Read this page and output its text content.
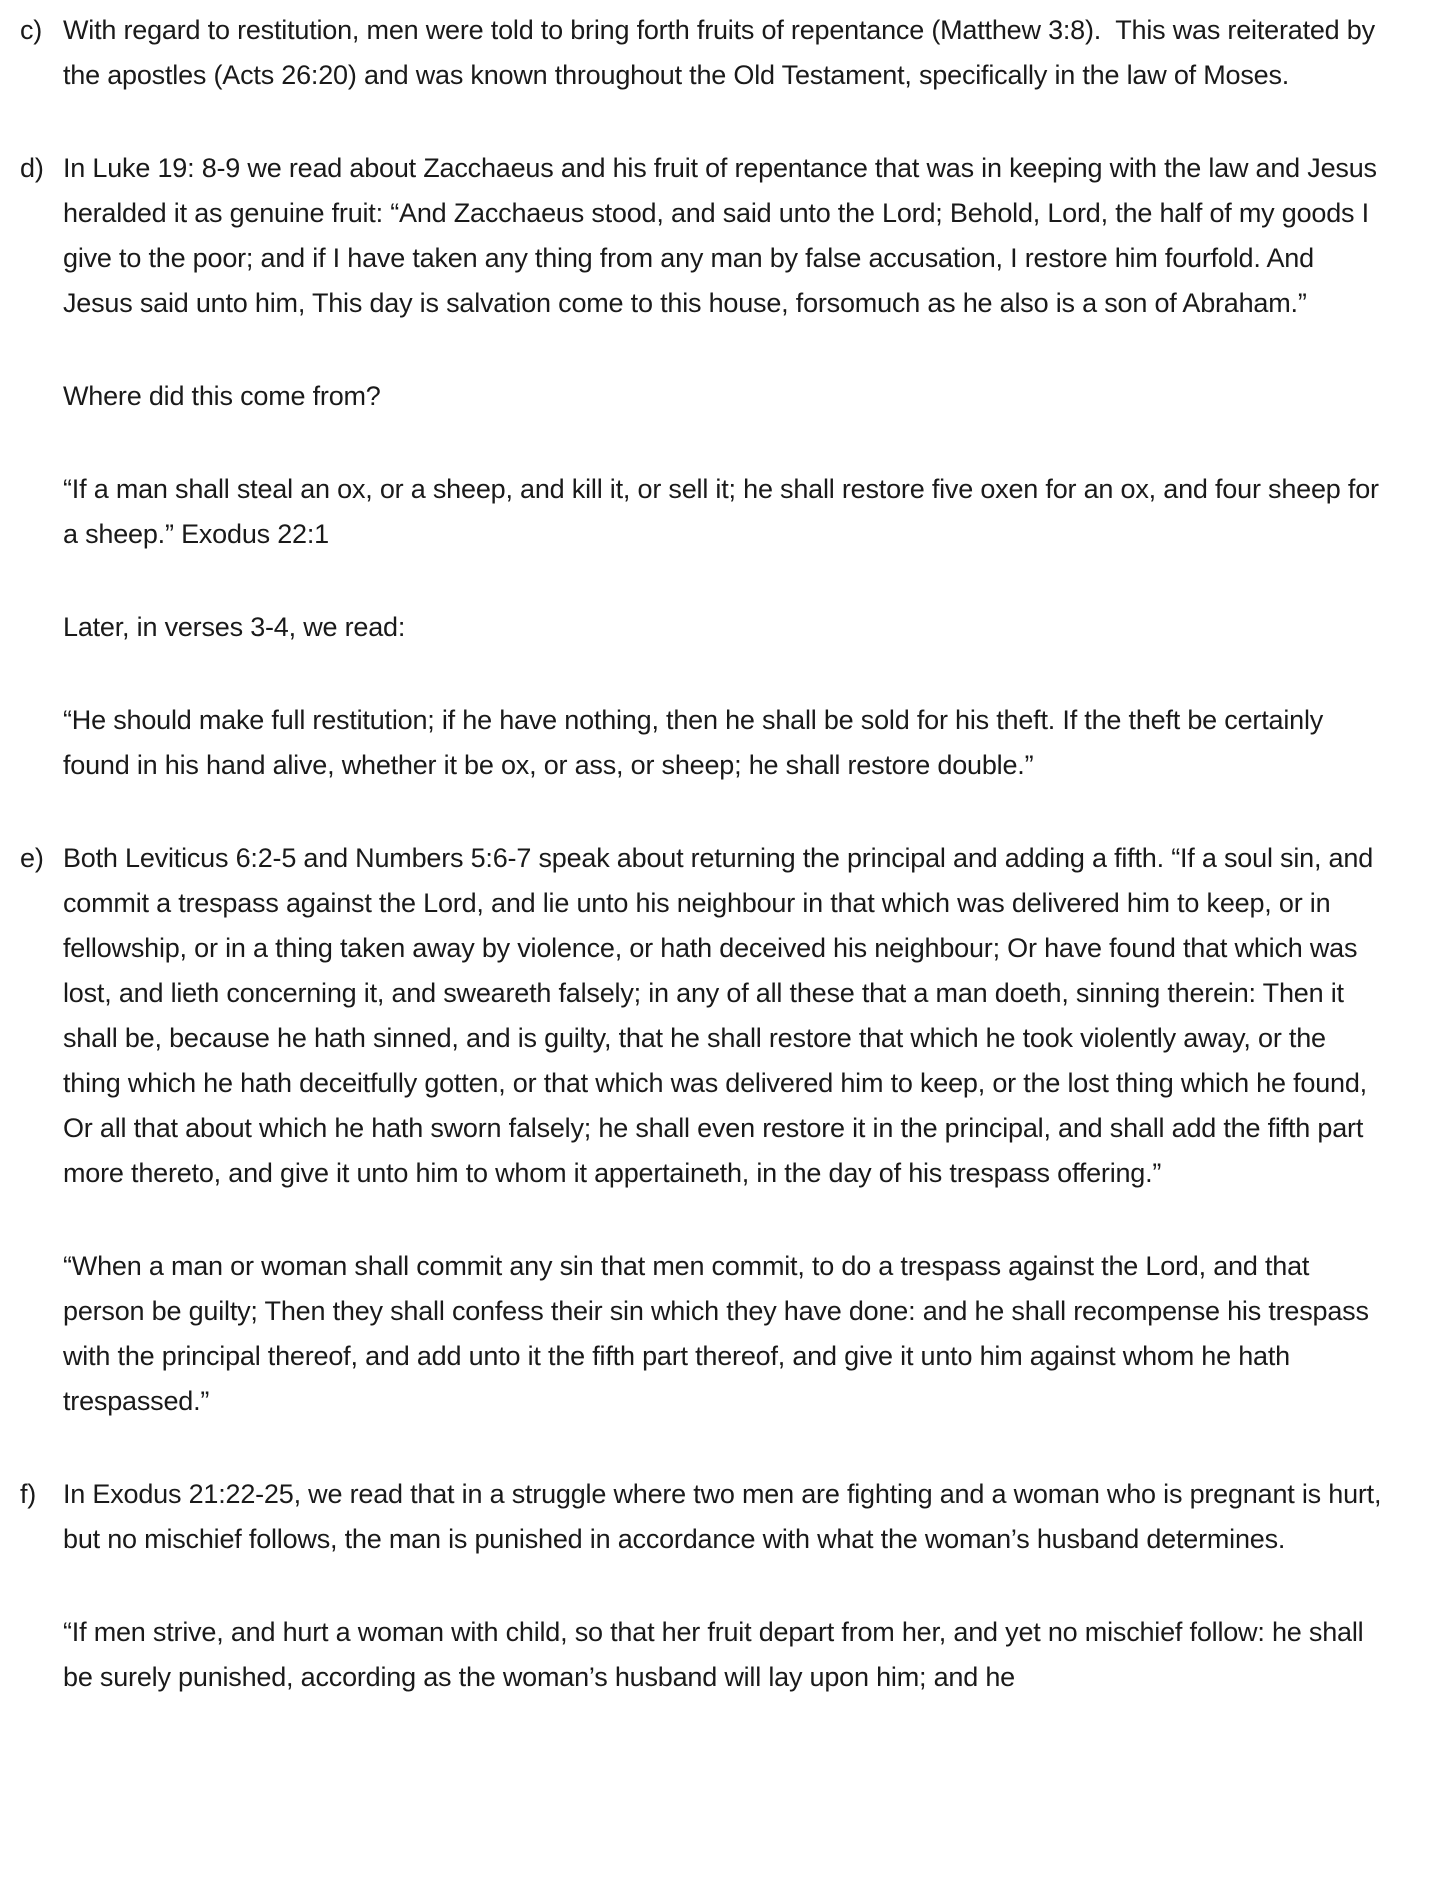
c) With regard to restitution, men were told to bring forth fruits of repentance (Matthew 3:8).  This was reiterated by the apostles (Acts 26:20) and was known throughout the Old Testament, specifically in the law of Moses.

d) In Luke 19: 8-9 we read about Zacchaeus and his fruit of repentance that was in keeping with the law and Jesus heralded it as genuine fruit: “And Zacchaeus stood, and said unto the Lord; Behold, Lord, the half of my goods I give to the poor; and if I have taken any thing from any man by false accusation, I restore him fourfold. And Jesus said unto him, This day is salvation come to this house, forsomuch as he also is a son of Abraham.”

Where did this come from?

“If a man shall steal an ox, or a sheep, and kill it, or sell it; he shall restore five oxen for an ox, and four sheep for a sheep.” Exodus 22:1

Later, in verses 3-4, we read:

“He should make full restitution; if he have nothing, then he shall be sold for his theft. If the theft be certainly found in his hand alive, whether it be ox, or ass, or sheep; he shall restore double.”

e) Both Leviticus 6:2-5 and Numbers 5:6-7 speak about returning the principal and adding a fifth. “If a soul sin, and commit a trespass against the Lord, and lie unto his neighbour in that which was delivered him to keep, or in fellowship, or in a thing taken away by violence, or hath deceived his neighbour; Or have found that which was lost, and lieth concerning it, and sweareth falsely; in any of all these that a man doeth, sinning therein: Then it shall be, because he hath sinned, and is guilty, that he shall restore that which he took violently away, or the thing which he hath deceitfully gotten, or that which was delivered him to keep, or the lost thing which he found, Or all that about which he hath sworn falsely; he shall even restore it in the principal, and shall add the fifth part more thereto, and give it unto him to whom it appertaineth, in the day of his trespass offering.”

“When a man or woman shall commit any sin that men commit, to do a trespass against the Lord, and that person be guilty; Then they shall confess their sin which they have done: and he shall recompense his trespass with the principal thereof, and add unto it the fifth part thereof, and give it unto him against whom he hath trespassed.”

f) In Exodus 21:22-25, we read that in a struggle where two men are fighting and a woman who is pregnant is hurt, but no mischief follows, the man is punished in accordance with what the woman’s husband determines.

“If men strive, and hurt a woman with child, so that her fruit depart from her, and yet no mischief follow: he shall be surely punished, according as the woman’s husband will lay upon him; and he
